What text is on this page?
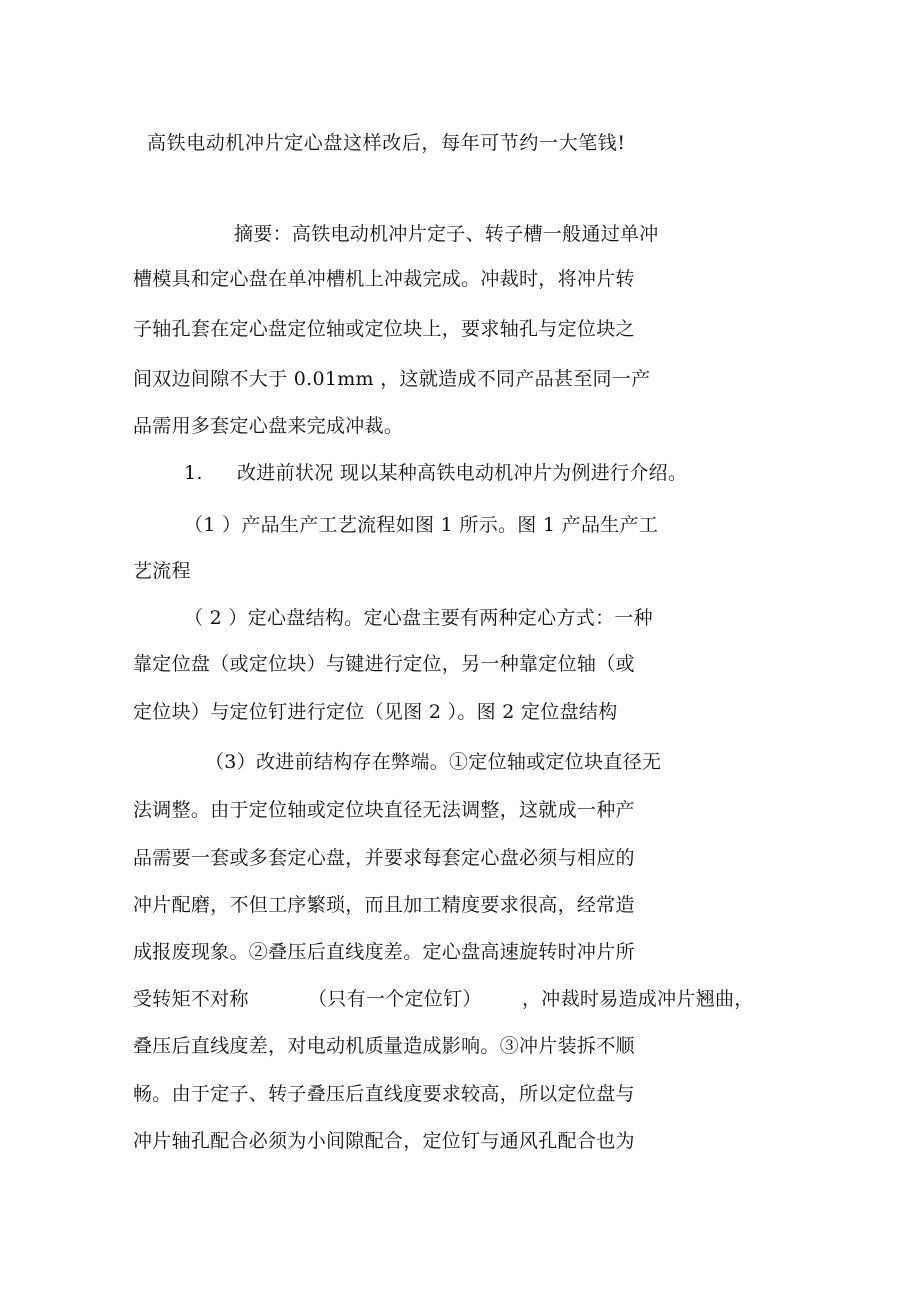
高铁电动机冲片定心盘这样改后，每年可节约一大笔钱!
摘要：高铁电动机冲片定子、转子槽一般通过单冲
槽模具和定心盘在单冲槽机上冲裁完成。冲裁时，将冲片转
子轴孔套在定心盘定位轴或定位块上，要求轴孔与定位块之
间双边间隙不大于 0.01mm ，这就造成不同产品甚至同一产
品需用多套定心盘来完成冲裁。
1. 改进前状况 现以某种高铁电动机冲片为例进行介绍。
（1 ）产品生产工艺流程如图 1 所示。图 1 产品生产工
艺流程
（ 2 ）定心盘结构。定心盘主要有两种定心方式：一种
靠定位盘（或定位块）与键进行定位，另一种靠定位轴（或
定位块）与定位钉进行定位（见图 2 ）。图 2 定位盘结构
（3）改进前结构存在弊端。①定位轴或定位块直径无
法调整。由于定位轴或定位块直径无法调整，这就成一种产
品需要一套或多套定心盘，并要求每套定心盘必须与相应的
冲片配磨，不但工序繁琐，而且加工精度要求很高，经常造
成报废现象。②叠压后直线度差。定心盘高速旋转时冲片所
受转矩不对称	（只有一个定位钉） ，冲裁时易造成冲片翘曲，
叠压后直线度差，对电动机质量造成影响。③冲片装拆不顺
畅。由于定子、转子叠压后直线度要求较高，所以定位盘与
冲片轴孔配合必须为小间隙配合，定位钉与通风孔配合也为
